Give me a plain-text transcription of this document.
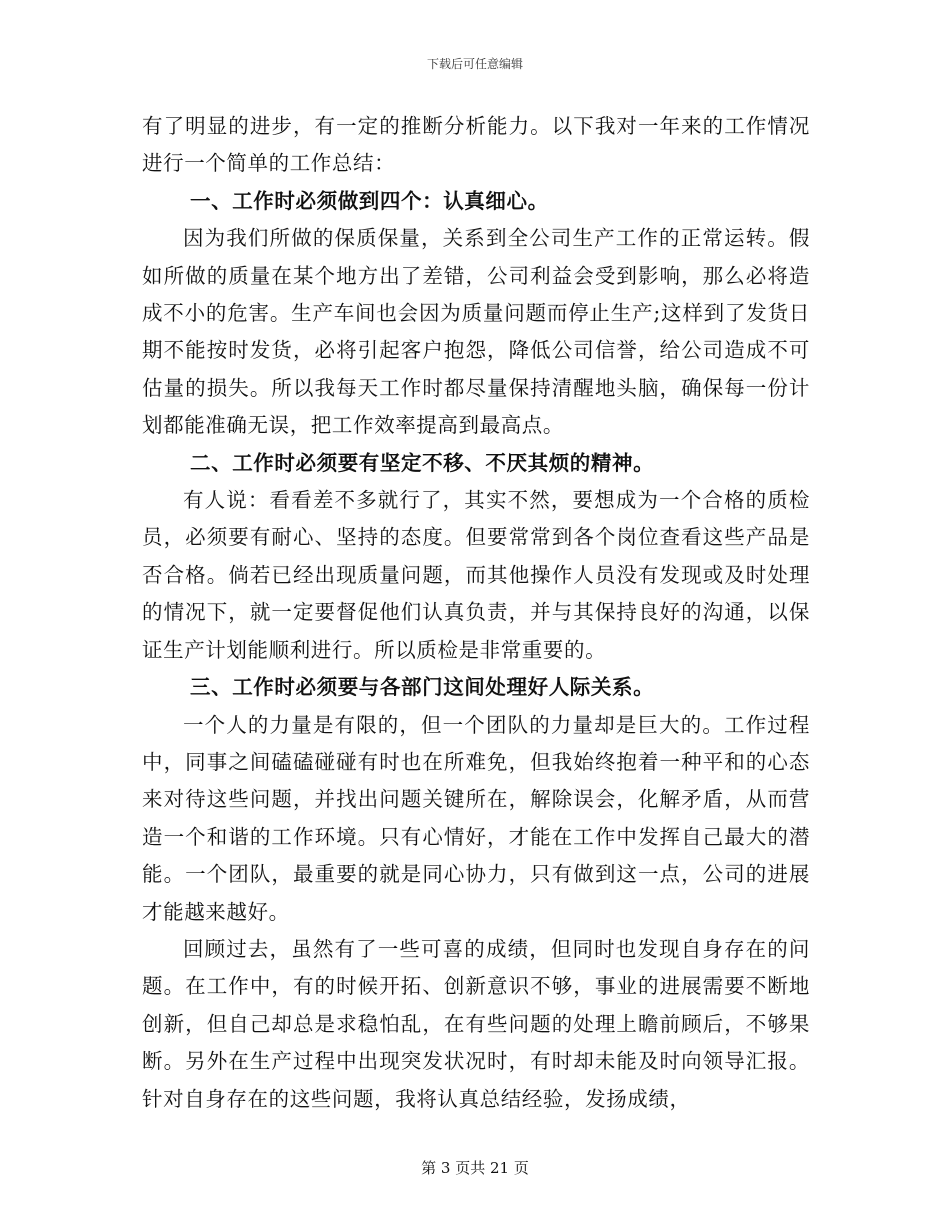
下载后可任意编辑

有了明显的进步，有一定的推断分析能力。以下我对一年来的工作情况进行一个简单的工作总结：

一、工作时必须做到四个：认真细心。

因为我们所做的保质保量，关系到全公司生产工作的正常运转。假如所做的质量在某个地方出了差错，公司利益会受到影响，那么必将造成不小的危害。生产车间也会因为质量问题而停止生产;这样到了发货日期不能按时发货，必将引起客户抱怨，降低公司信誉，给公司造成不可估量的损失。所以我每天工作时都尽量保持清醒地头脑，确保每一份计划都能准确无误，把工作效率提高到最高点。

二、工作时必须要有坚定不移、不厌其烦的精神。

有人说：看看差不多就行了，其实不然，要想成为一个合格的质检员，必须要有耐心、坚持的态度。但要常常到各个岗位查看这些产品是否合格。倘若已经出现质量问题，而其他操作人员没有发现或及时处理的情况下，就一定要督促他们认真负责，并与其保持良好的沟通，以保证生产计划能顺利进行。所以质检是非常重要的。

三、工作时必须要与各部门这间处理好人际关系。

一个人的力量是有限的，但一个团队的力量却是巨大的。工作过程中，同事之间磕磕碰碰有时也在所难免，但我始终抱着一种平和的心态来对待这些问题，并找出问题关键所在，解除误会，化解矛盾，从而营造一个和谐的工作环境。只有心情好，才能在工作中发挥自己最大的潜能。一个团队，最重要的就是同心协力，只有做到这一点，公司的进展才能越来越好。

回顾过去，虽然有了一些可喜的成绩，但同时也发现自身存在的问题。在工作中，有的时候开拓、创新意识不够，事业的进展需要不断地创新，但自己却总是求稳怕乱，在有些问题的处理上瞻前顾后，不够果断。另外在生产过程中出现突发状况时，有时却未能及时向领导汇报。针对自身存在的这些问题，我将认真总结经验，发扬成绩，

第 3 页共 21 页
